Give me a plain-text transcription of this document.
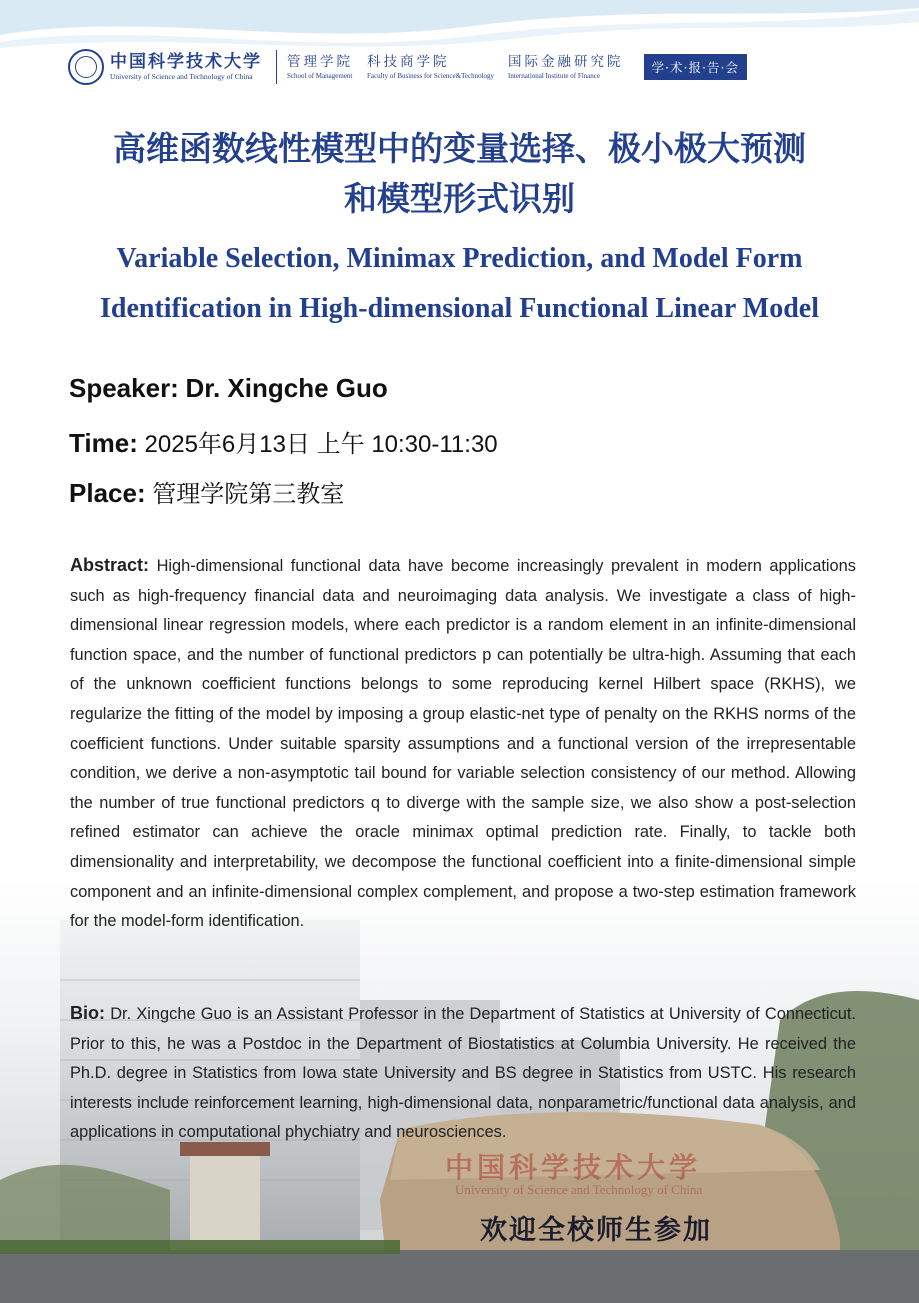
中国科学技术大学
University of Science and Technology of China
管理学院
School of Management
科技商学院
Faculty of Business for Science&Technology
国际金融研究院
International Institute of Finance
学·术·报·告·会
高维函数线性模型中的变量选择、极小极大预测
和模型形式识别
Variable Selection, Minimax Prediction, and Model Form
Identification in High-dimensional Functional Linear Model
Speaker: Dr. Xingche Guo
Time: 2025年6月13日 上午 10:30-11:30
Place: 管理学院第三教室
Abstract: High-dimensional functional data have become increasingly prevalent in modern applications such as high-frequency financial data and neuroimaging data analysis. We investigate a class of high-dimensional linear regression models, where each predictor is a random element in an infinite-dimensional function space, and the number of functional predictors p can potentially be ultra-high. Assuming that each of the unknown coefficient functions belongs to some reproducing kernel Hilbert space (RKHS), we regularize the fitting of the model by imposing a group elastic-net type of penalty on the RKHS norms of the coefficient functions. Under suitable sparsity assumptions and a functional version of the irrepresentable condition, we derive a non-asymptotic tail bound for variable selection consistency of our method. Allowing the number of true functional predictors q to diverge with the sample size, we also show a post-selection refined estimator can achieve the oracle minimax optimal prediction rate. Finally, to tackle both dimensionality and interpretability, we decompose the functional coefficient into a finite-dimensional simple component and an infinite-dimensional complex complement, and propose a two-step estimation framework for the model-form identification.
Bio: Dr. Xingche Guo is an Assistant Professor in the Department of Statistics at University of Connecticut. Prior to this, he was a Postdoc in the Department of Biostatistics at Columbia University. He received the Ph.D. degree in Statistics from Iowa state University and BS degree in Statistics from USTC. His research interests include reinforcement learning, high-dimensional data, nonparametric/functional data analysis, and applications in computational phychiatry and neurosciences.
中国科学技术大学
University of Science and Technology of China
欢迎全校师生参加
